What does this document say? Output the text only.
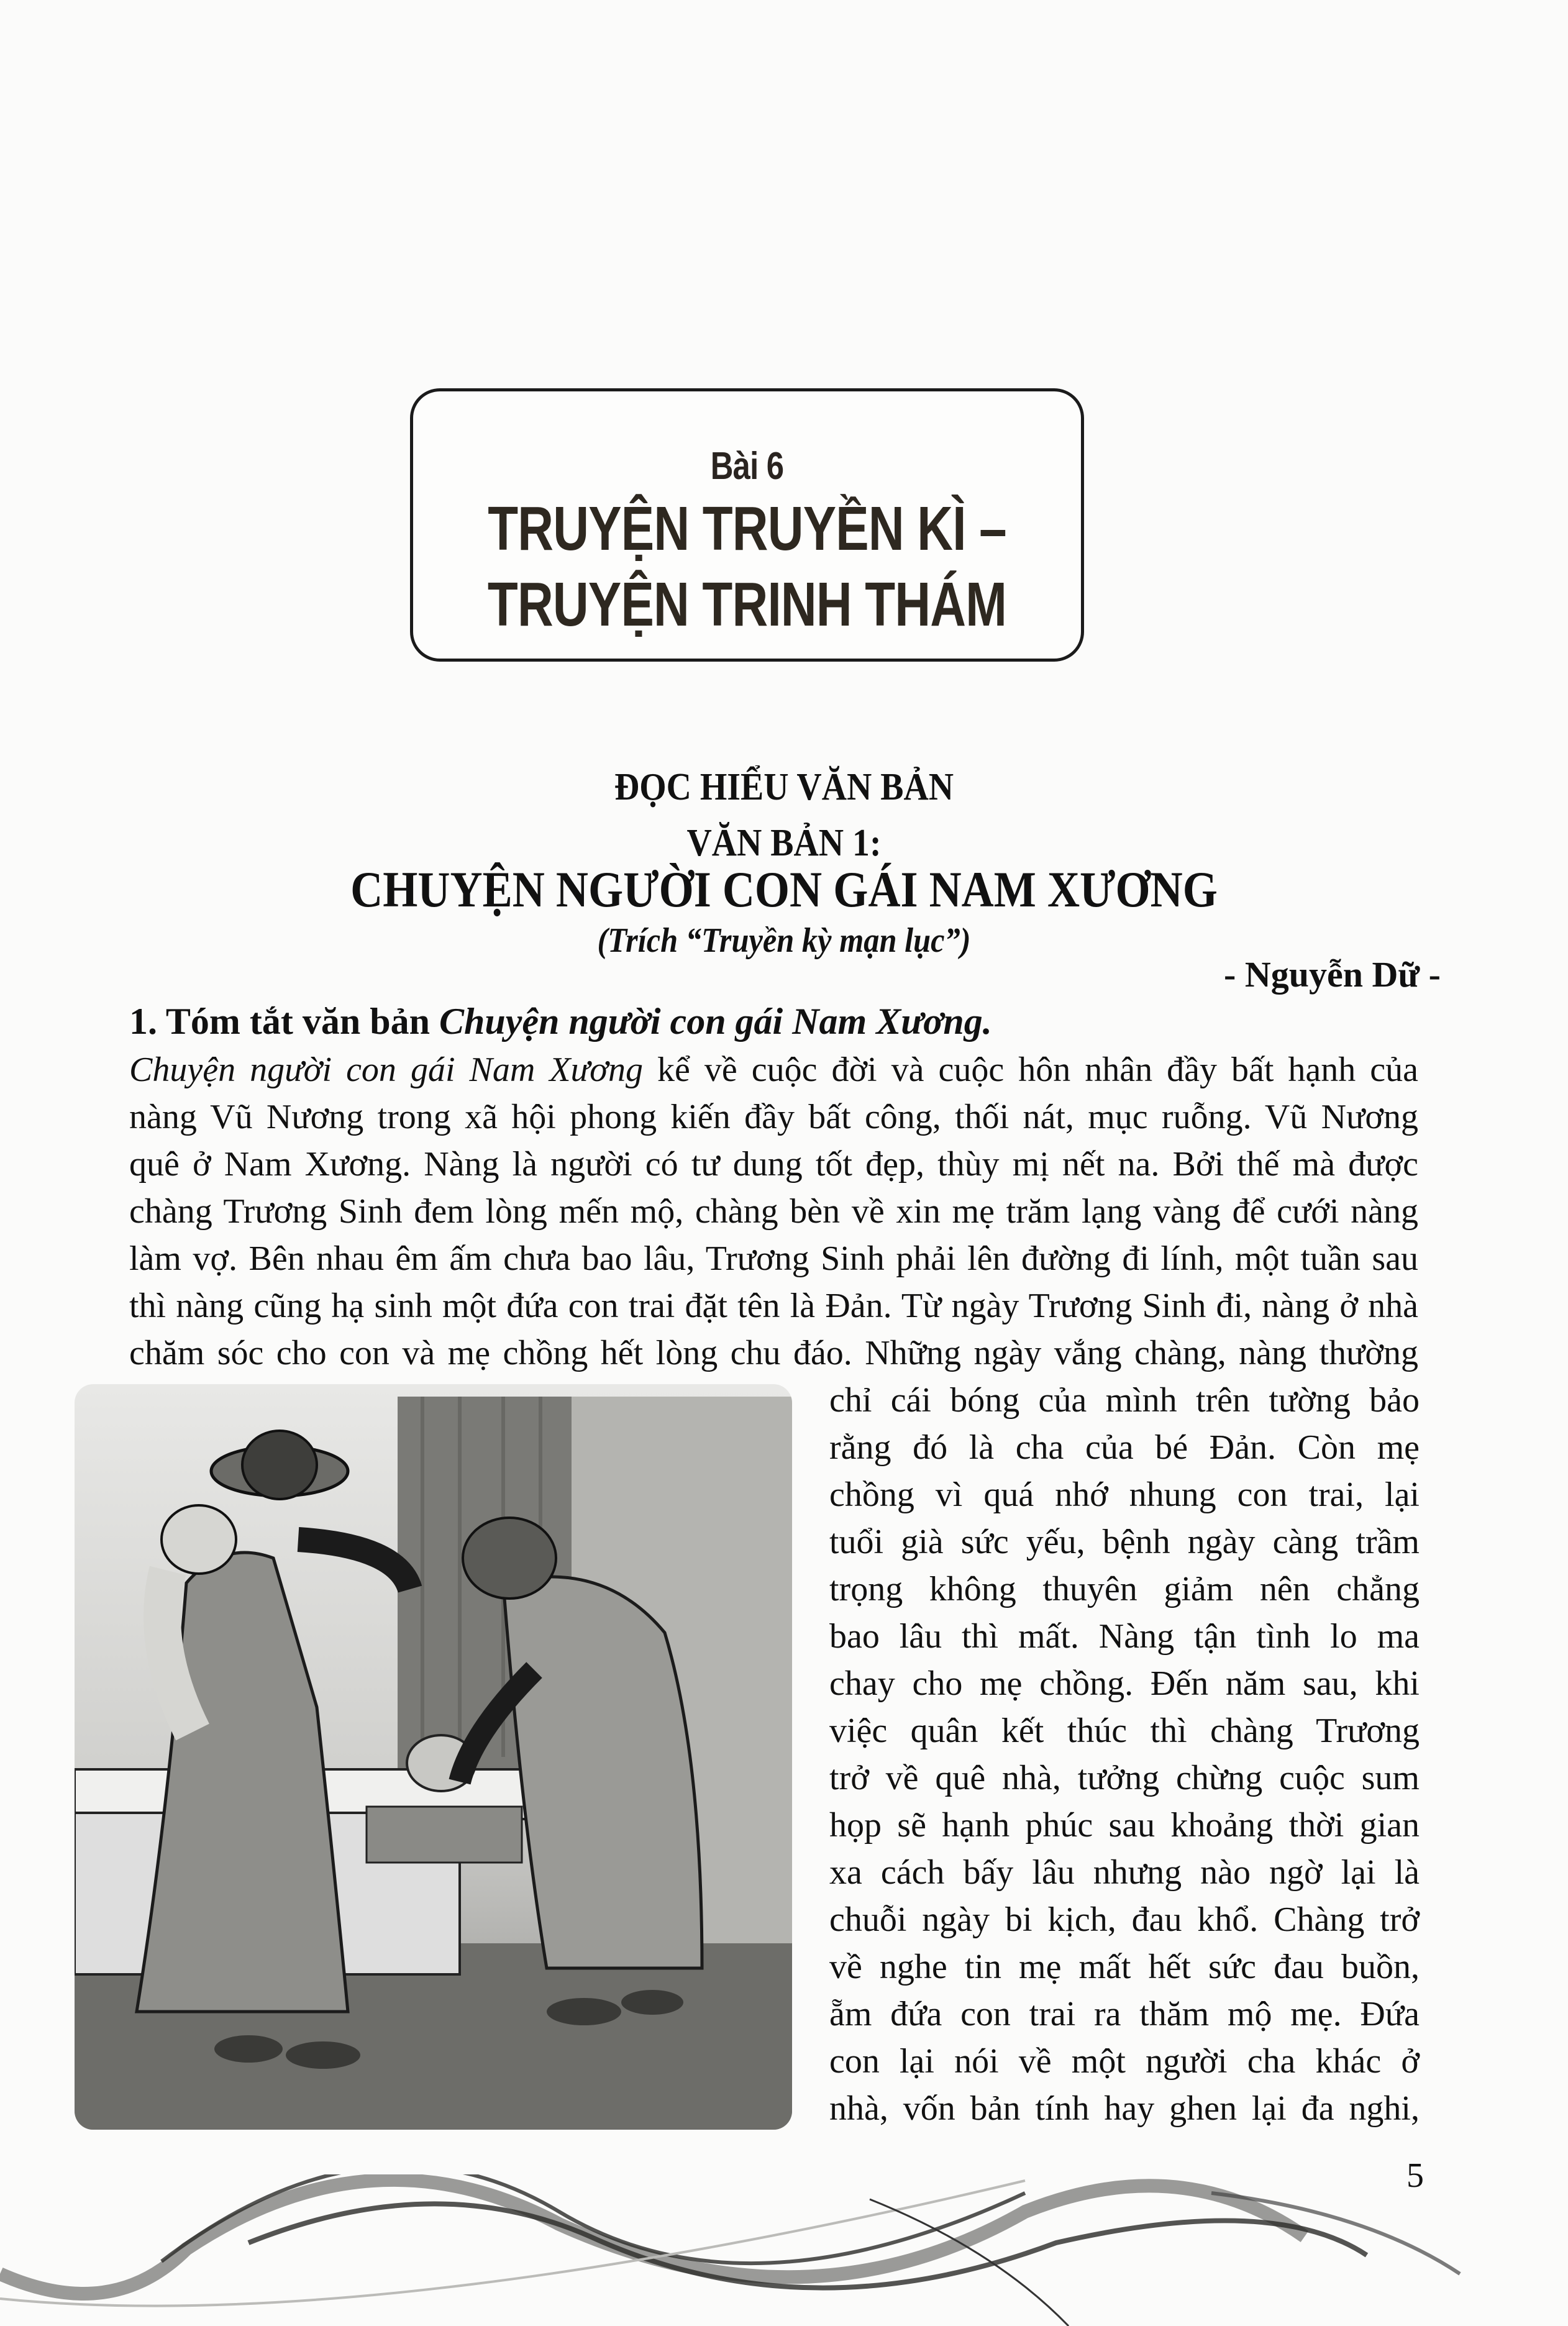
Bài 6
TRUYỆN TRUYỀN KÌ –
TRUYỆN TRINH THÁM
ĐỌC HIỂU VĂN BẢN
VĂN BẢN 1:
CHUYỆN NGƯỜI CON GÁI NAM XƯƠNG
(Trích “Truyền kỳ mạn lục”)
- Nguyễn Dữ -
1. Tóm tắt văn bản Chuyện người con gái Nam Xương.
Chuyện người con gái Nam Xương kể về cuộc đời và cuộc hôn nhân đầy bất hạnh của
nàng Vũ Nương trong xã hội phong kiến đầy bất công, thối nát, mục ruỗng. Vũ Nương
quê ở Nam Xương. Nàng là người có tư dung tốt đẹp, thùy mị nết na. Bởi thế mà được
chàng Trương Sinh đem lòng mến mộ, chàng bèn về xin mẹ trăm lạng vàng để cưới nàng
làm vợ. Bên nhau êm ấm chưa bao lâu, Trương Sinh phải lên đường đi lính, một tuần sau
thì nàng cũng hạ sinh một đứa con trai đặt tên là Đản. Từ ngày Trương Sinh đi, nàng ở nhà
chăm sóc cho con và mẹ chồng hết lòng chu đáo. Những ngày vắng chàng, nàng thường
chỉ cái bóng của mình trên tường bảo
rằng đó là cha của bé Đản. Còn mẹ
chồng vì quá nhớ nhung con trai, lại
tuổi già sức yếu, bệnh ngày càng trầm
trọng không thuyên giảm nên chẳng
bao lâu thì mất. Nàng tận tình lo ma
chay cho mẹ chồng. Đến năm sau, khi
việc quân kết thúc thì chàng Trương
trở về quê nhà, tưởng chừng cuộc sum
họp sẽ hạnh phúc sau khoảng thời gian
xa cách bấy lâu nhưng nào ngờ lại là
chuỗi ngày bi kịch, đau khổ. Chàng trở
về nghe tin mẹ mất hết sức đau buồn,
ẵm đứa con trai ra thăm mộ mẹ. Đứa
con lại nói về một người cha khác ở
nhà, vốn bản tính hay ghen lại đa nghi,
5
